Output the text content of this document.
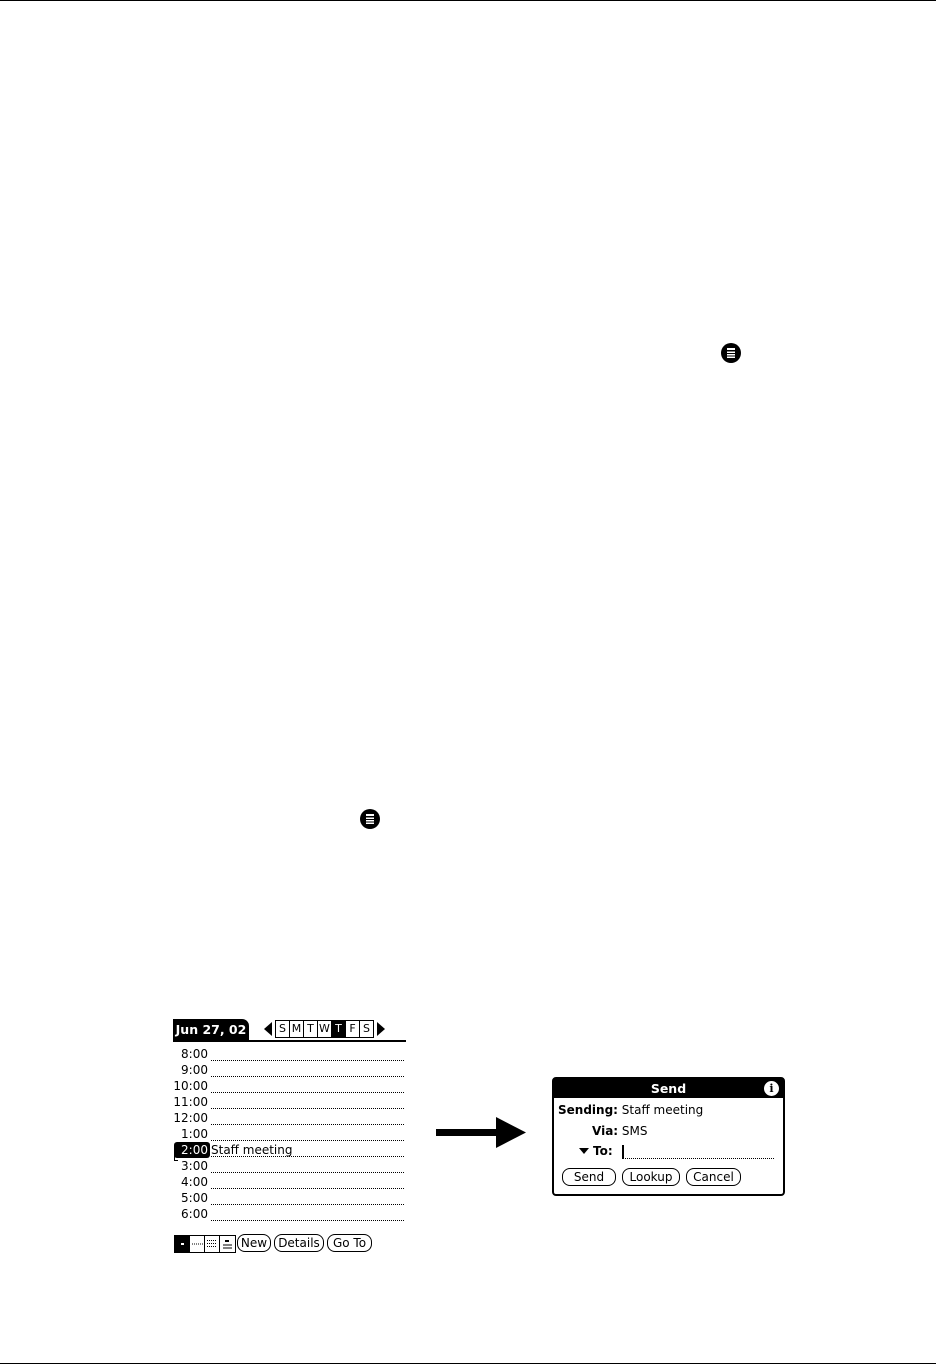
Jun 27, 02	S M T W T F S
8:00
9:00
10:00
11:00
12:00
1:00
2:00 Staff meeting
3:00
4:00
5:00
6:00
New Details	Go To
Send	i
Sending: Staff meeting
Via: SMS
To:
Send	Lookup	Cancel
